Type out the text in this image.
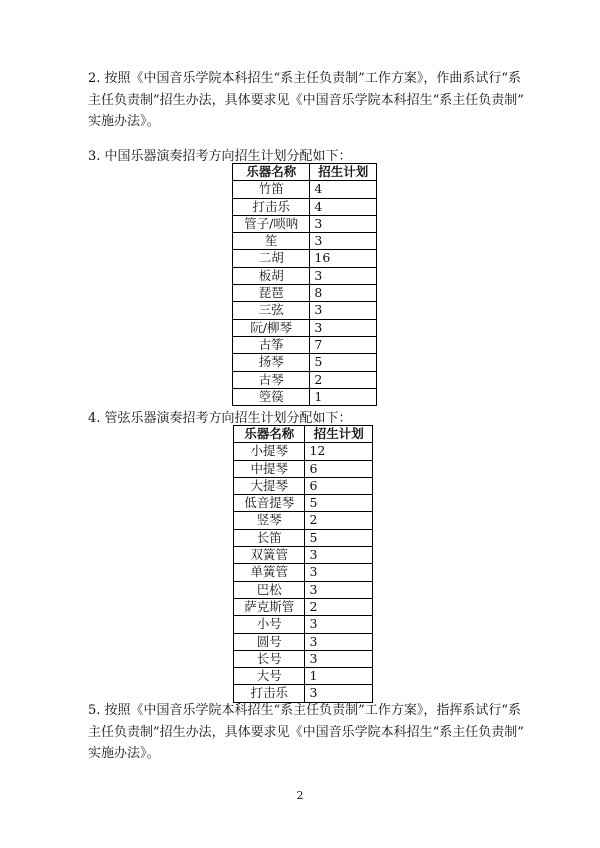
2. 按照《中国音乐学院本科招生“系主任负责制”工作方案》，作曲系试行“系
主任负责制”招生办法，具体要求见《中国音乐学院本科招生“系主任负责制”
实施办法》。
3. 中国乐器演奏招考方向招生计划分配如下：
乐器名称	招生计划
竹笛	4
打击乐	4
管子/唢呐	3
笙	3
二胡	16
板胡	3
琵琶	8
三弦	3
阮/柳琴	3
古筝	7
扬琴	5
古琴	2
箜篌	1
4. 管弦乐器演奏招考方向招生计划分配如下：
乐器名称	招生计划
小提琴	12
中提琴	6
大提琴	6
低音提琴	5
竖琴	2
长笛	5
双簧管	3
单簧管	3
巴松	3
萨克斯管	2
小号	3
圆号	3
长号	3
大号	1
打击乐	3
5. 按照《中国音乐学院本科招生“系主任负责制”工作方案》，指挥系试行“系
主任负责制”招生办法，具体要求见《中国音乐学院本科招生“系主任负责制”
实施办法》。
2
